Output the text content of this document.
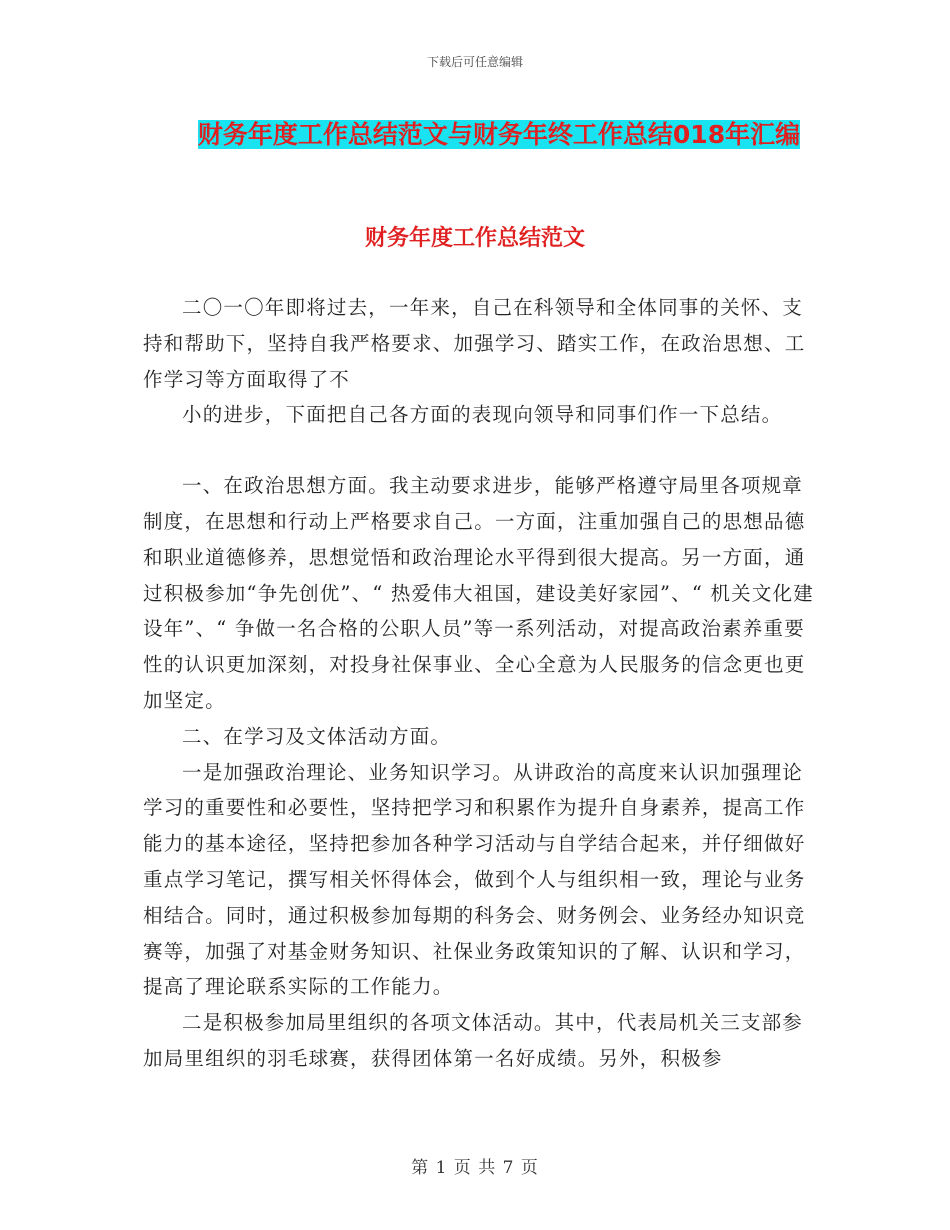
下载后可任意编辑
财务年度工作总结范文与财务年终工作总结018年汇编
财务年度工作总结范文

二〇一〇年即将过去，一年来，自己在科领导和全体同事的关怀、支持和帮助下，坚持自我严格要求、加强学习、踏实工作，在政治思想、工作学习等方面取得了不

小的进步，下面把自己各方面的表现向领导和同事们作一下总结。

一、在政治思想方面。我主动要求进步，能够严格遵守局里各项规章制度，在思想和行动上严格要求自己。一方面，注重加强自己的思想品德和职业道德修养，思想觉悟和政治理论水平得到很大提高。另一方面，通过积极参加“争先创优”、“ 热爱伟大祖国，建设美好家园”、“ 机关文化建设年”、“ 争做一名合格的公职人员”等一系列活动，对提高政治素养重要性的认识更加深刻，对投身社保事业、全心全意为人民服务的信念更也更加坚定。

二、在学习及文体活动方面。

一是加强政治理论、业务知识学习。从讲政治的高度来认识加强理论学习的重要性和必要性，坚持把学习和积累作为提升自身素养，提高工作能力的基本途径，坚持把参加各种学习活动与自学结合起来，并仔细做好重点学习笔记，撰写相关怀得体会，做到个人与组织相一致，理论与业务相结合。同时，通过积极参加每期的科务会、财务例会、业务经办知识竞赛等，加强了对基金财务知识、社保业务政策知识的了解、认识和学习，提高了理论联系实际的工作能力。

二是积极参加局里组织的各项文体活动。其中，代表局机关三支部参加局里组织的羽毛球赛，获得团体第一名好成绩。另外，积极参

第 1 页 共 7 页
